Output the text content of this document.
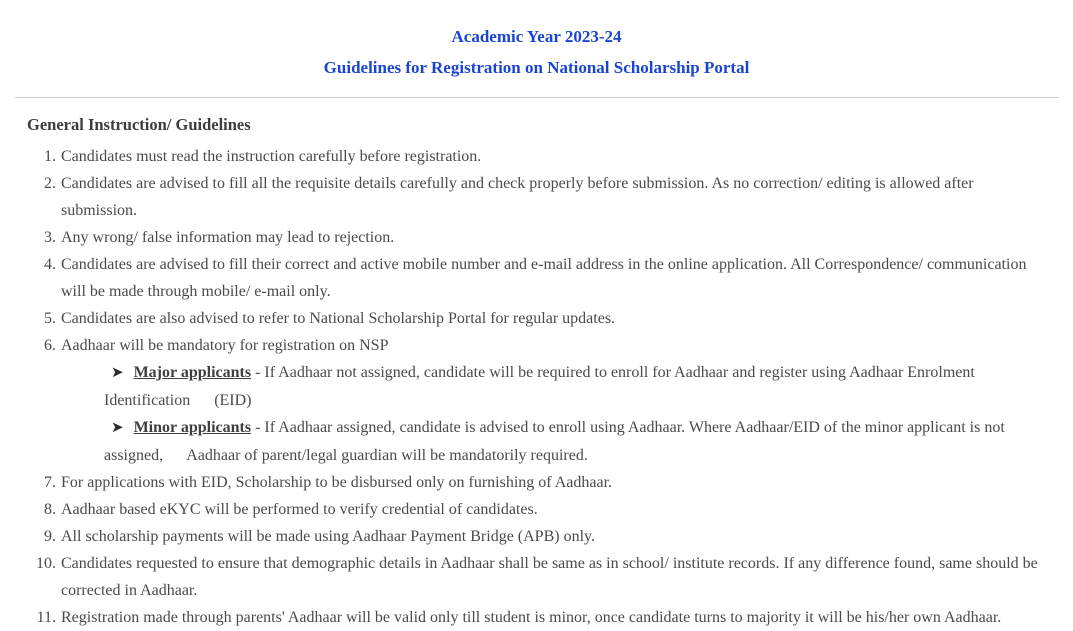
Academic Year 2023-24
Guidelines for Registration on National Scholarship Portal
General Instruction/ Guidelines
1. Candidates must read the instruction carefully before registration.
2. Candidates are advised to fill all the requisite details carefully and check properly before submission. As no correction/ editing is allowed after submission.
3. Any wrong/ false information may lead to rejection.
4. Candidates are advised to fill their correct and active mobile number and e-mail address in the online application. All Correspondence/ communication will be made through mobile/ e-mail only.
5. Candidates are also advised to refer to National Scholarship Portal for regular updates.
6. Aadhaar will be mandatory for registration on NSP
➤ Major applicants - If Aadhaar not assigned, candidate will be required to enroll for Aadhaar and register using Aadhaar Enrolment Identification      (EID)
➤ Minor applicants - If Aadhaar assigned, candidate is advised to enroll using Aadhaar. Where Aadhaar/EID of the minor applicant is not assigned,      Aadhaar of parent/legal guardian will be mandatorily required.
7. For applications with EID, Scholarship to be disbursed only on furnishing of Aadhaar.
8. Aadhaar based eKYC will be performed to verify credential of candidates.
9. All scholarship payments will be made using Aadhaar Payment Bridge (APB) only.
10. Candidates requested to ensure that demographic details in Aadhaar shall be same as in school/ institute records. If any difference found, same should be corrected in Aadhaar.
11. Registration made through parents' Aadhaar will be valid only till student is minor, once candidate turns to majority it will be his/her own Aadhaar.
